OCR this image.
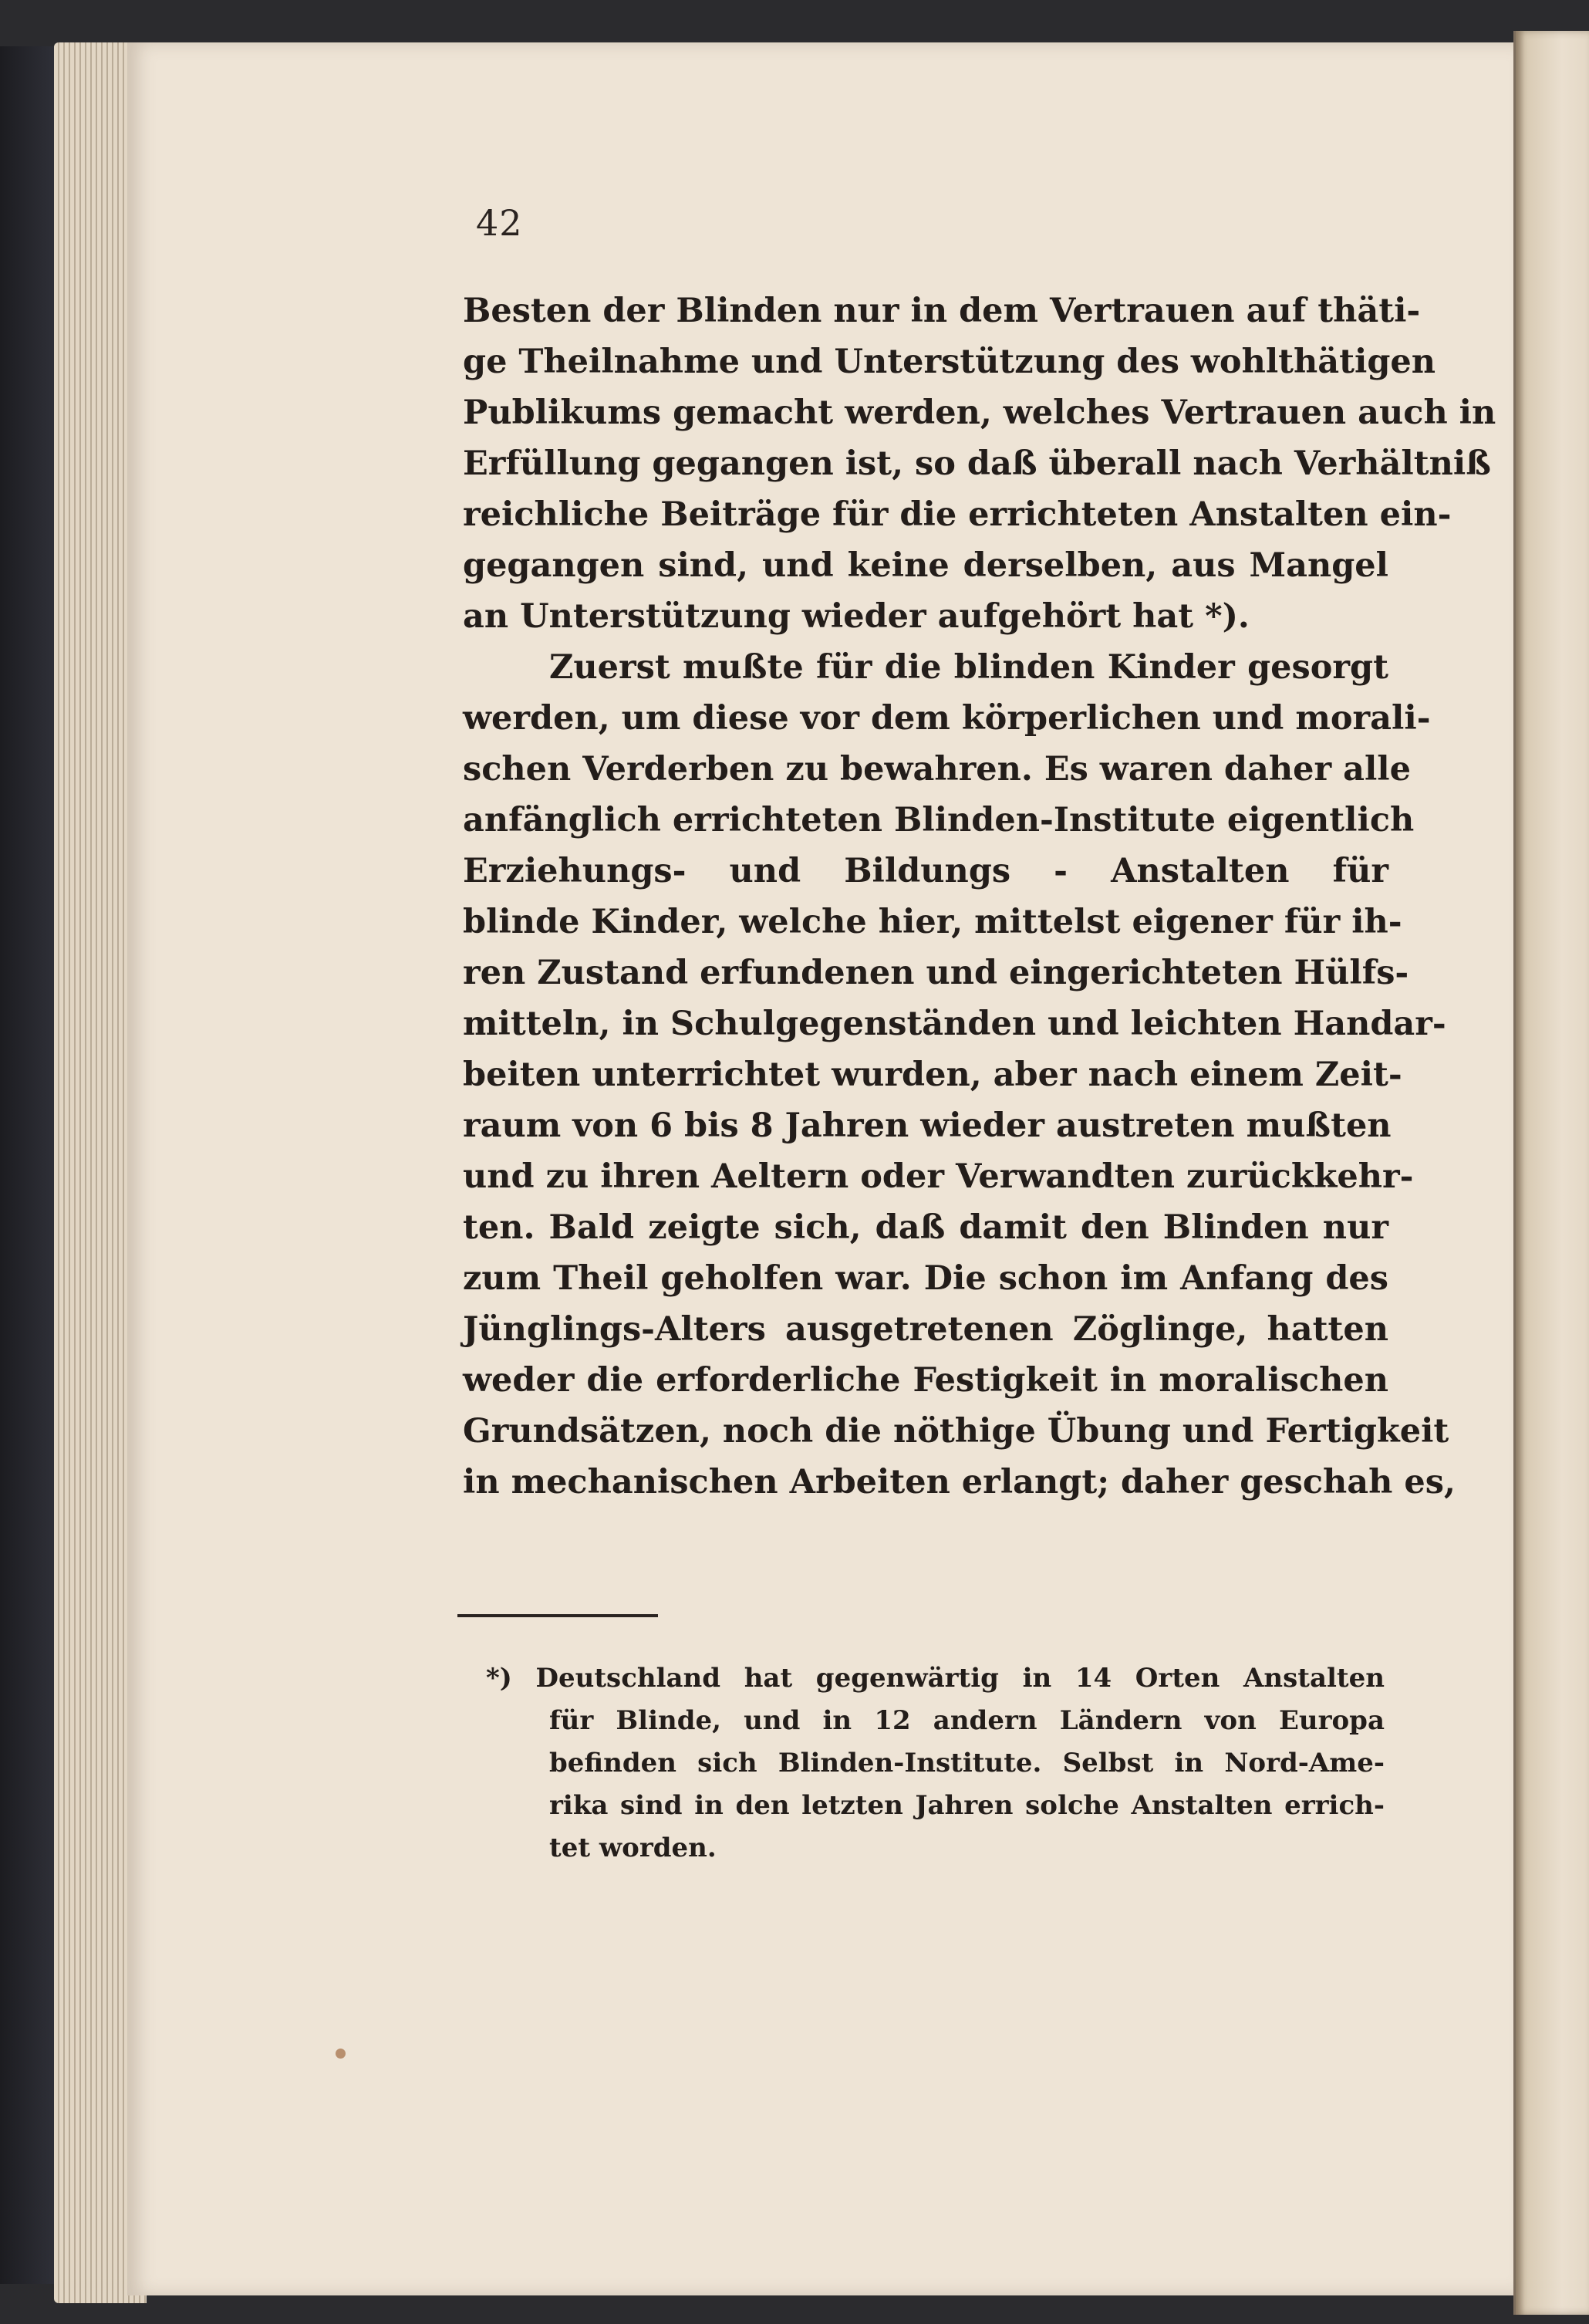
42
Besten der Blinden nur in dem Vertrauen auf thäti-
ge Theilnahme und Unterstützung des wohlthätigen
Publikums gemacht werden, welches Vertrauen auch in
Erfüllung gegangen ist, so daß überall nach Verhältniß
reichliche Beiträge für die errichteten Anstalten ein-
gegangen sind, und keine derselben, aus Mangel
an Unterstützung wieder aufgehört hat *).
Zuerst mußte für die blinden Kinder gesorgt
werden, um diese vor dem körperlichen und morali-
schen Verderben zu bewahren. Es waren daher alle
anfänglich errichteten Blinden-Institute eigentlich
Erziehungs- und Bildungs - Anstalten für
blinde Kinder, welche hier, mittelst eigener für ih-
ren Zustand erfundenen und eingerichteten Hülfs-
mitteln, in Schulgegenständen und leichten Handar-
beiten unterrichtet wurden, aber nach einem Zeit-
raum von 6 bis 8 Jahren wieder austreten mußten
und zu ihren Aeltern oder Verwandten zurückkehr-
ten. Bald zeigte sich, daß damit den Blinden nur
zum Theil geholfen war. Die schon im Anfang des
Jünglings-Alters ausgetretenen Zöglinge, hatten
weder die erforderliche Festigkeit in moralischen
Grundsätzen, noch die nöthige Übung und Fertigkeit
in mechanischen Arbeiten erlangt; daher geschah es,
*) Deutschland hat gegenwärtig in 14 Orten Anstalten
für Blinde, und in 12 andern Ländern von Europa
befinden sich Blinden-Institute. Selbst in Nord-Ame-
rika sind in den letzten Jahren solche Anstalten errich-
tet worden.
